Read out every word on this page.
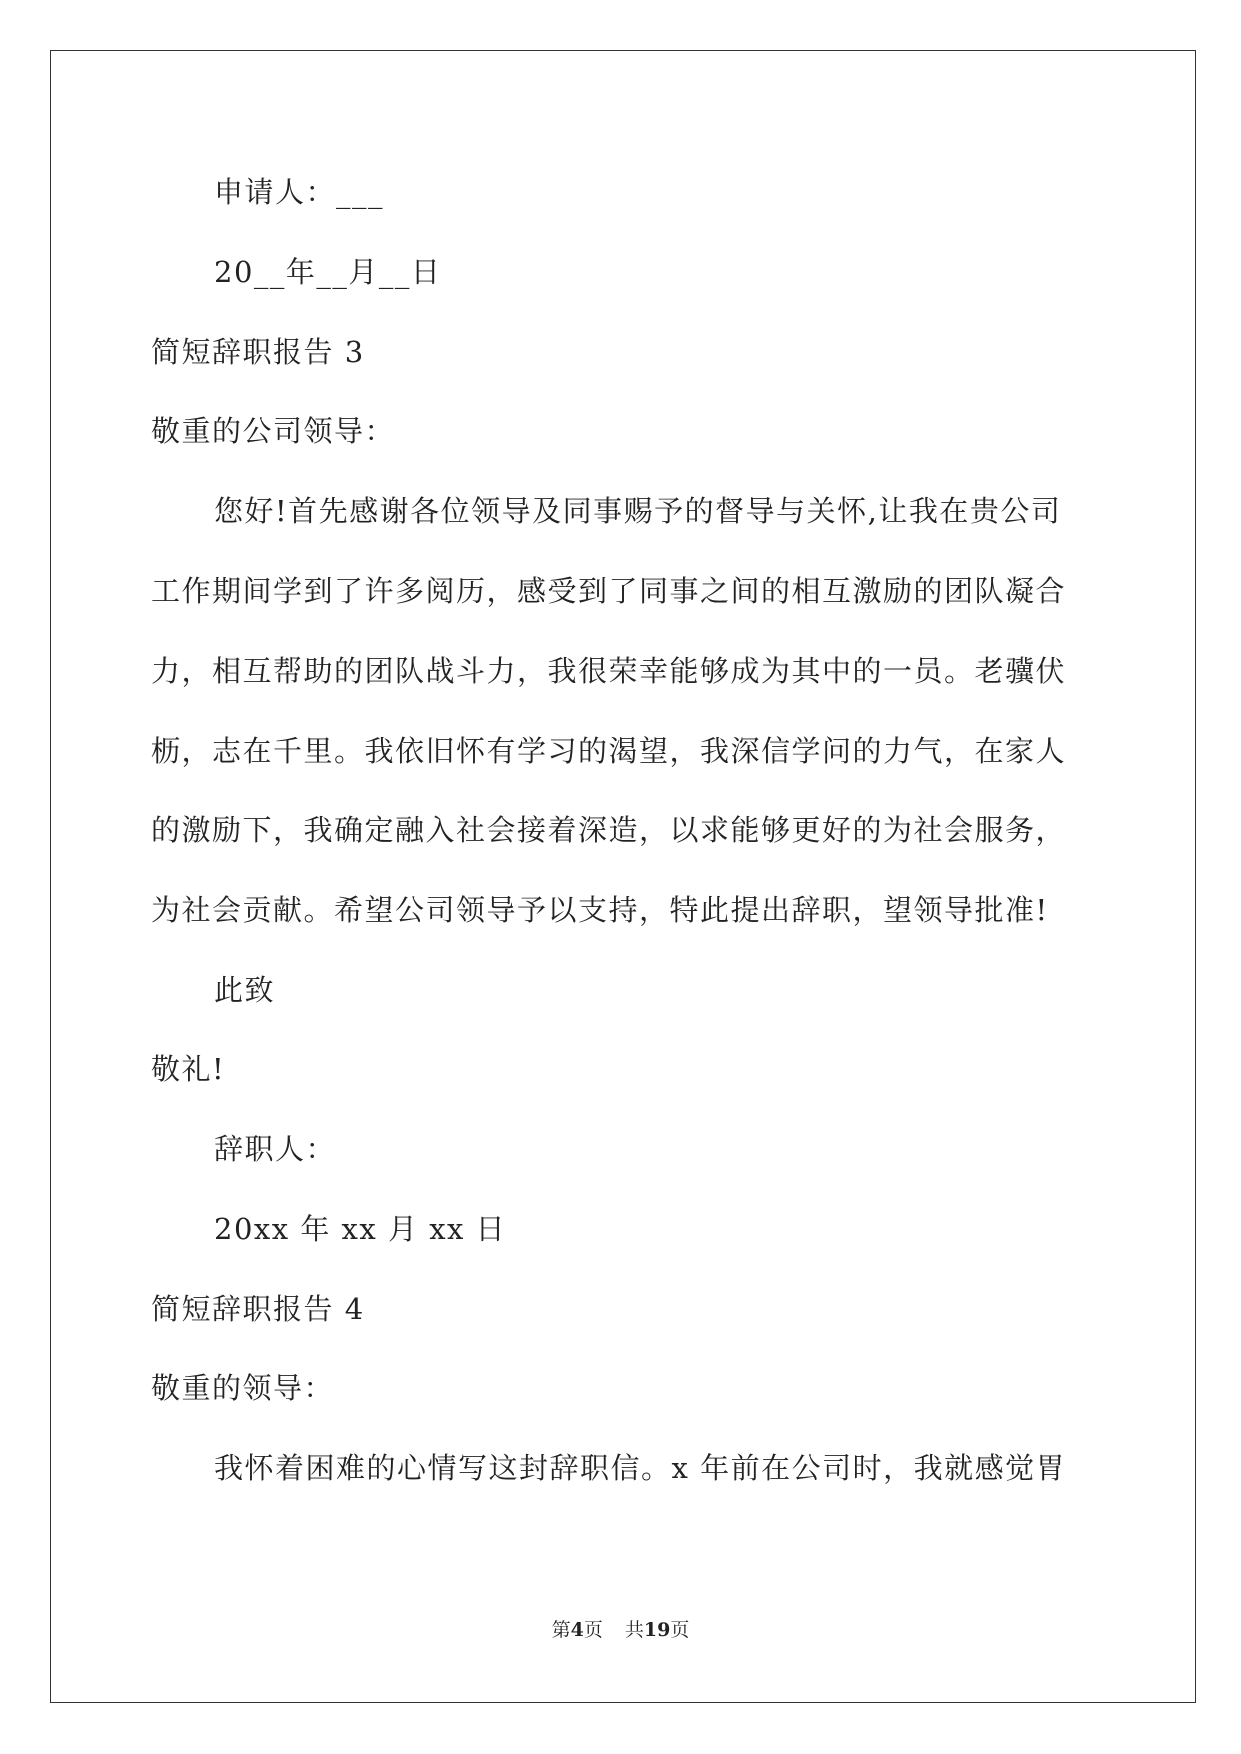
申请人：___
20__年__月__日
简短辞职报告 3
敬重的公司领导：
您好!首先感谢各位领导及同事赐予的督导与关怀,让我在贵公司
工作期间学到了许多阅历，感受到了同事之间的相互激励的团队凝合
力，相互帮助的团队战斗力，我很荣幸能够成为其中的一员。老骥伏
枥，志在千里。我依旧怀有学习的渴望，我深信学问的力气，在家人
的激励下，我确定融入社会接着深造，以求能够更好的为社会服务，
为社会贡献。希望公司领导予以支持，特此提出辞职，望领导批准!
此致
敬礼!
辞职人：
20xx 年 xx 月 xx 日
简短辞职报告 4
敬重的领导：
我怀着困难的心情写这封辞职信。x 年前在公司时，我就感觉胃
第4页 共19页
